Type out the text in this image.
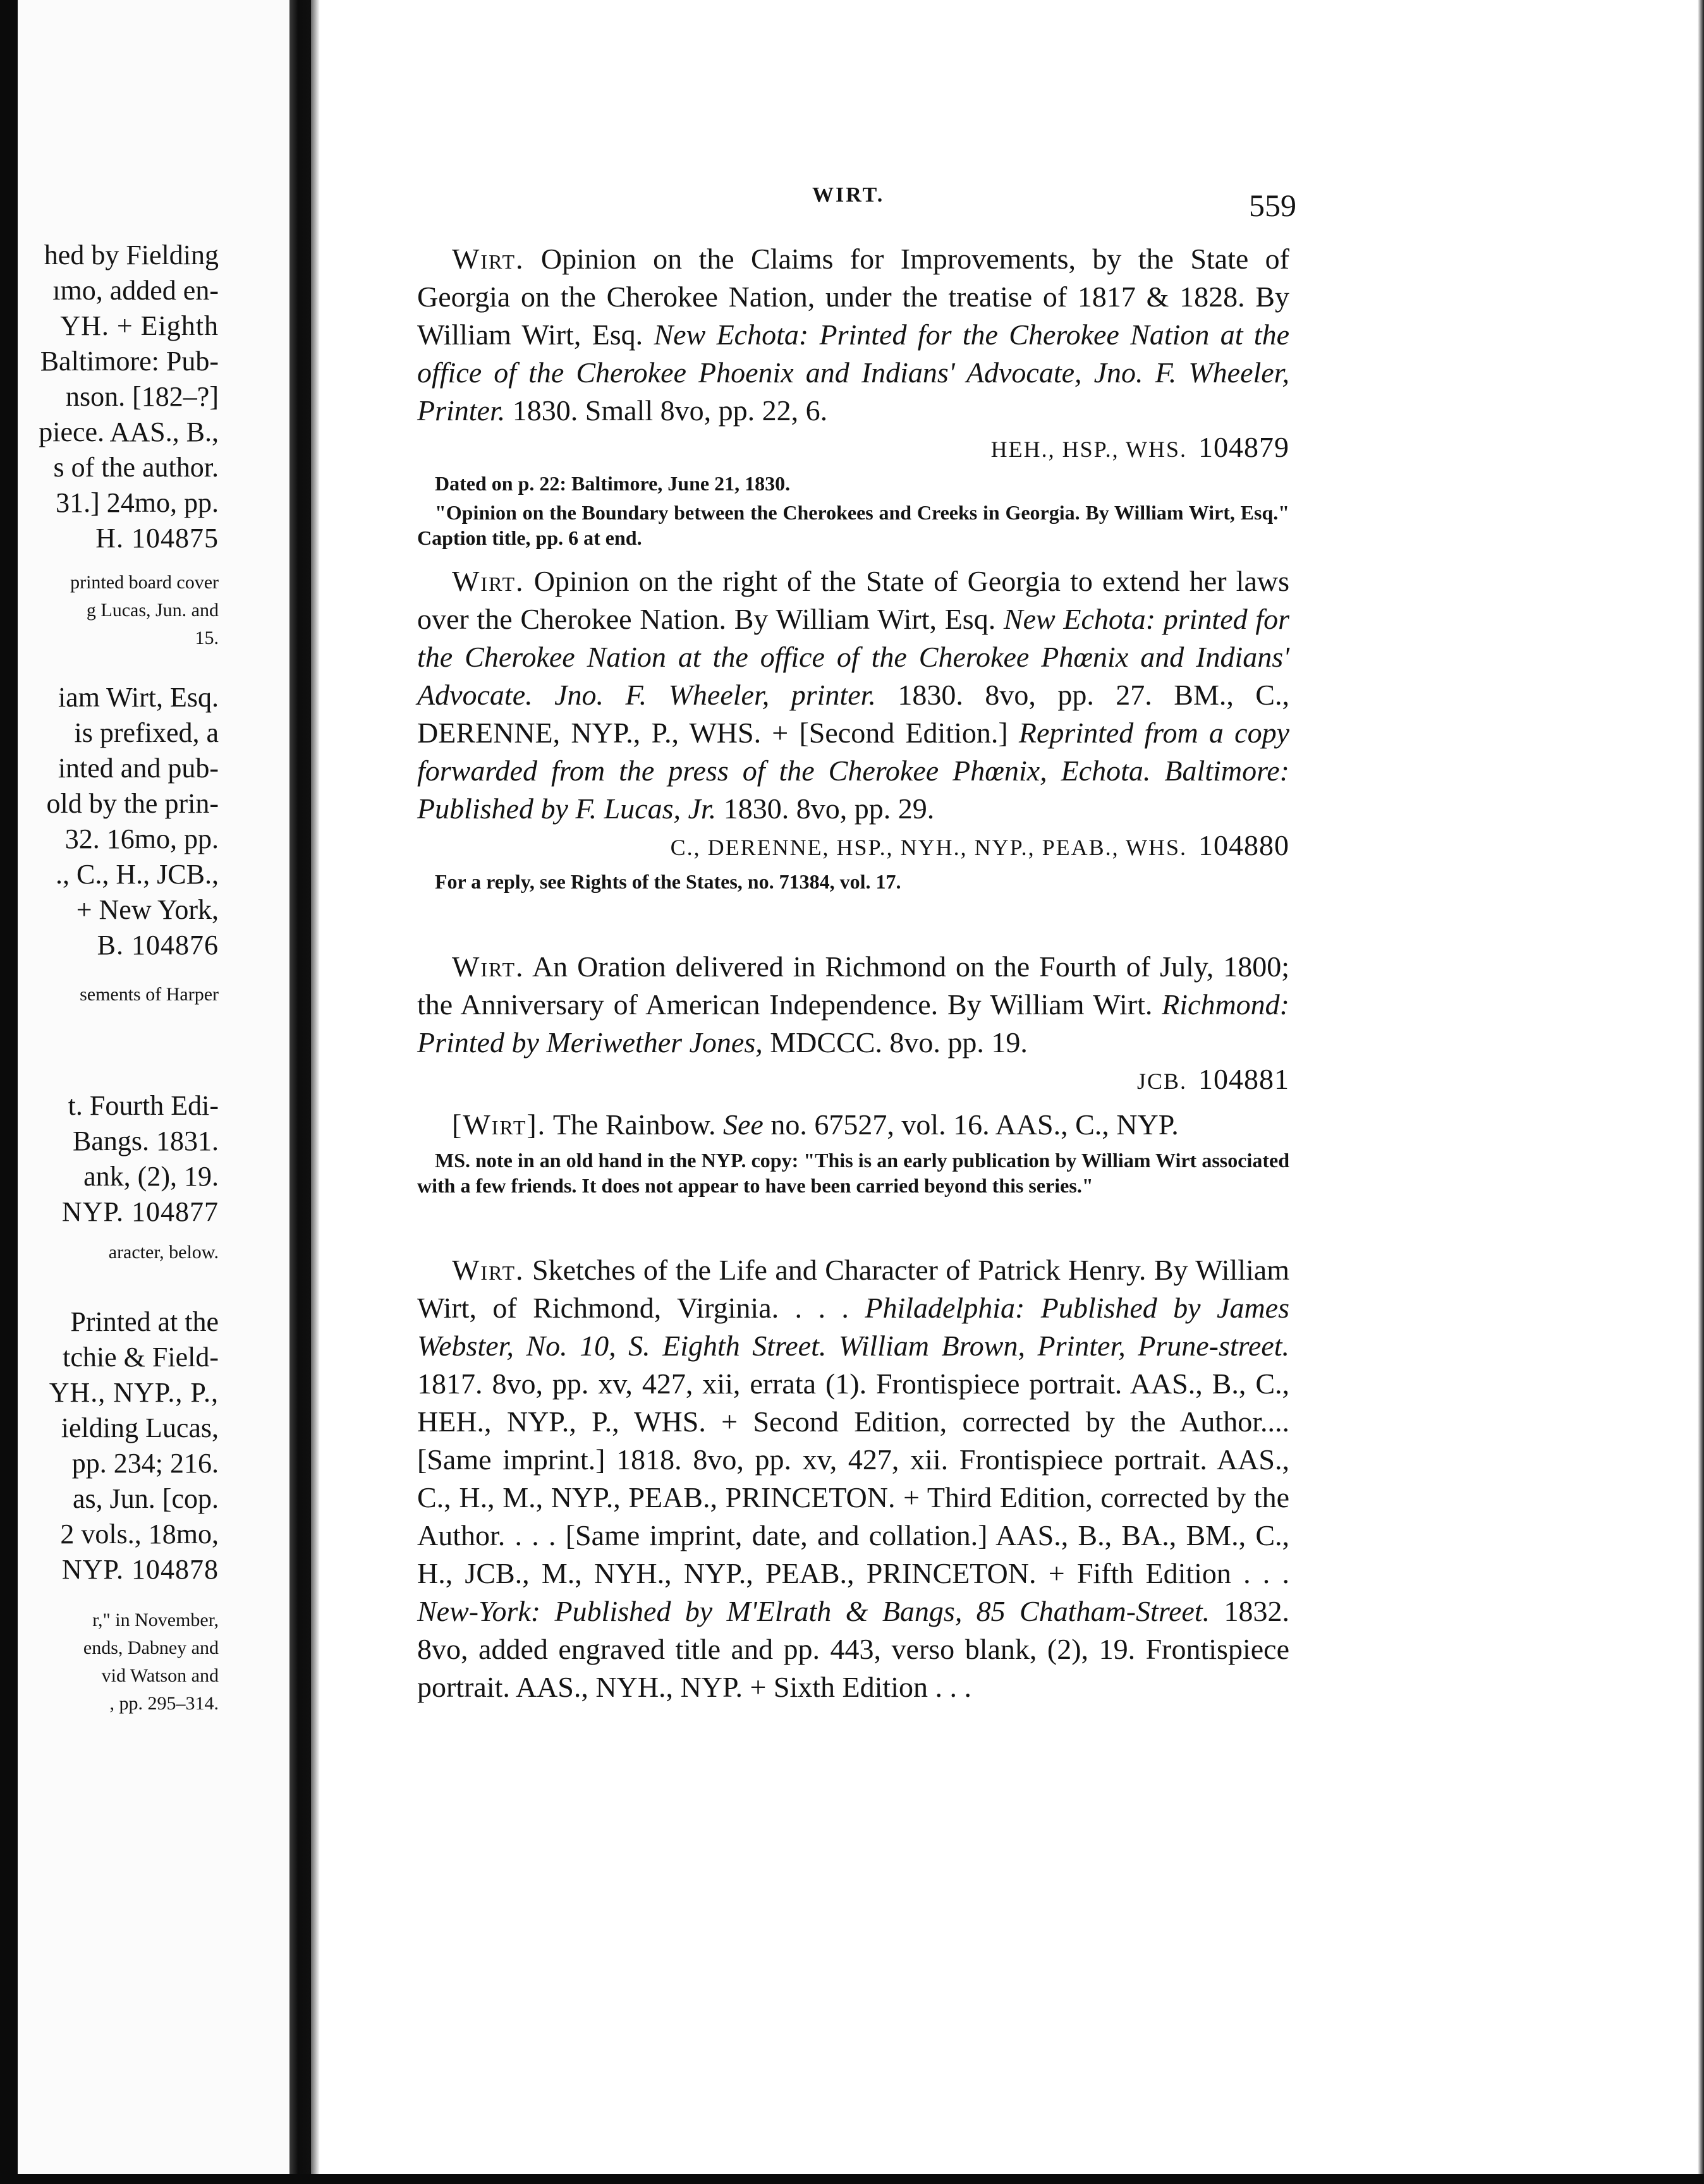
hed by Fielding
ımo, added en-
YH. + Eighth
Baltimore: Pub-
nson. [182–?]
piece. AAS., B.,
s of the author.
31.] 24mo, pp.
H. 104875
printed board cover
g Lucas, Jun. and
15.
iam Wirt, Esq.
is prefixed, a
inted and pub-
old by the prin-
32. 16mo, pp.
., C., H., JCB.,
+ New York,
B. 104876
sements of Harper
t. Fourth Edi-
Bangs. 1831.
ank, (2), 19.
NYP. 104877
aracter, below.
Printed at the
tchie & Field-
YH., NYP., P.,
ielding Lucas,
pp. 234; 216.
as, Jun. [cop.
2 vols., 18mo,
NYP. 104878
r," in November,
ends, Dabney and
vid Watson and
, pp. 295–314.
WIRT.	559

Wirt. Opinion on the Claims for Improvements, by the State of Georgia on the Cherokee Nation, under the treatise of 1817 & 1828. By William Wirt, Esq. New Echota: Printed for the Cherokee Nation at the office of the Cherokee Phoenix and Indians' Advocate, Jno. F. Wheeler, Printer. 1830. Small 8vo, pp. 22, 6.

HEH., HSP., WHS. 104879

Dated on p. 22: Baltimore, June 21, 1830.

"Opinion on the Boundary between the Cherokees and Creeks in Georgia. By William Wirt, Esq." Caption title, pp. 6 at end.

Wirt. Opinion on the right of the State of Georgia to extend her laws over the Cherokee Nation. By William Wirt, Esq. New Echota: printed for the Cherokee Nation at the office of the Cherokee Phœnix and Indians' Advocate. Jno. F. Wheeler, printer. 1830. 8vo, pp. 27. BM., C., DERENNE, NYP., P., WHS. + [Second Edition.] Reprinted from a copy forwarded from the press of the Cherokee Phœnix, Echota. Baltimore: Published by F. Lucas, Jr. 1830. 8vo, pp. 29.

C., DERENNE, HSP., NYH., NYP., PEAB., WHS. 104880

For a reply, see Rights of the States, no. 71384, vol. 17.

Wirt. An Oration delivered in Richmond on the Fourth of July, 1800; the Anniversary of American Independence. By William Wirt. Richmond: Printed by Meriwether Jones, MDCCC. 8vo. pp. 19.

JCB. 104881

[Wirt]. The Rainbow. See no. 67527, vol. 16. AAS., C., NYP.

MS. note in an old hand in the NYP. copy: "This is an early publication by William Wirt associated with a few friends. It does not appear to have been carried beyond this series."

Wirt. Sketches of the Life and Character of Patrick Henry. By William Wirt, of Richmond, Virginia. . . . Philadelphia: Published by James Webster, No. 10, S. Eighth Street. William Brown, Printer, Prune-street. 1817. 8vo, pp. xv, 427, xii, errata (1). Frontispiece portrait. AAS., B., C., HEH., NYP., P., WHS. + Second Edition, corrected by the Author.... [Same imprint.] 1818. 8vo, pp. xv, 427, xii. Frontispiece portrait. AAS., C., H., M., NYP., PEAB., PRINCETON. + Third Edition, corrected by the Author. . . . [Same imprint, date, and collation.] AAS., B., BA., BM., C., H., JCB., M., NYH., NYP., PEAB., PRINCETON. + Fifth Edition . . . New-York: Published by M'Elrath & Bangs, 85 Chatham-Street. 1832. 8vo, added engraved title and pp. 443, verso blank, (2), 19. Frontispiece portrait. AAS., NYH., NYP. + Sixth Edition . . .
